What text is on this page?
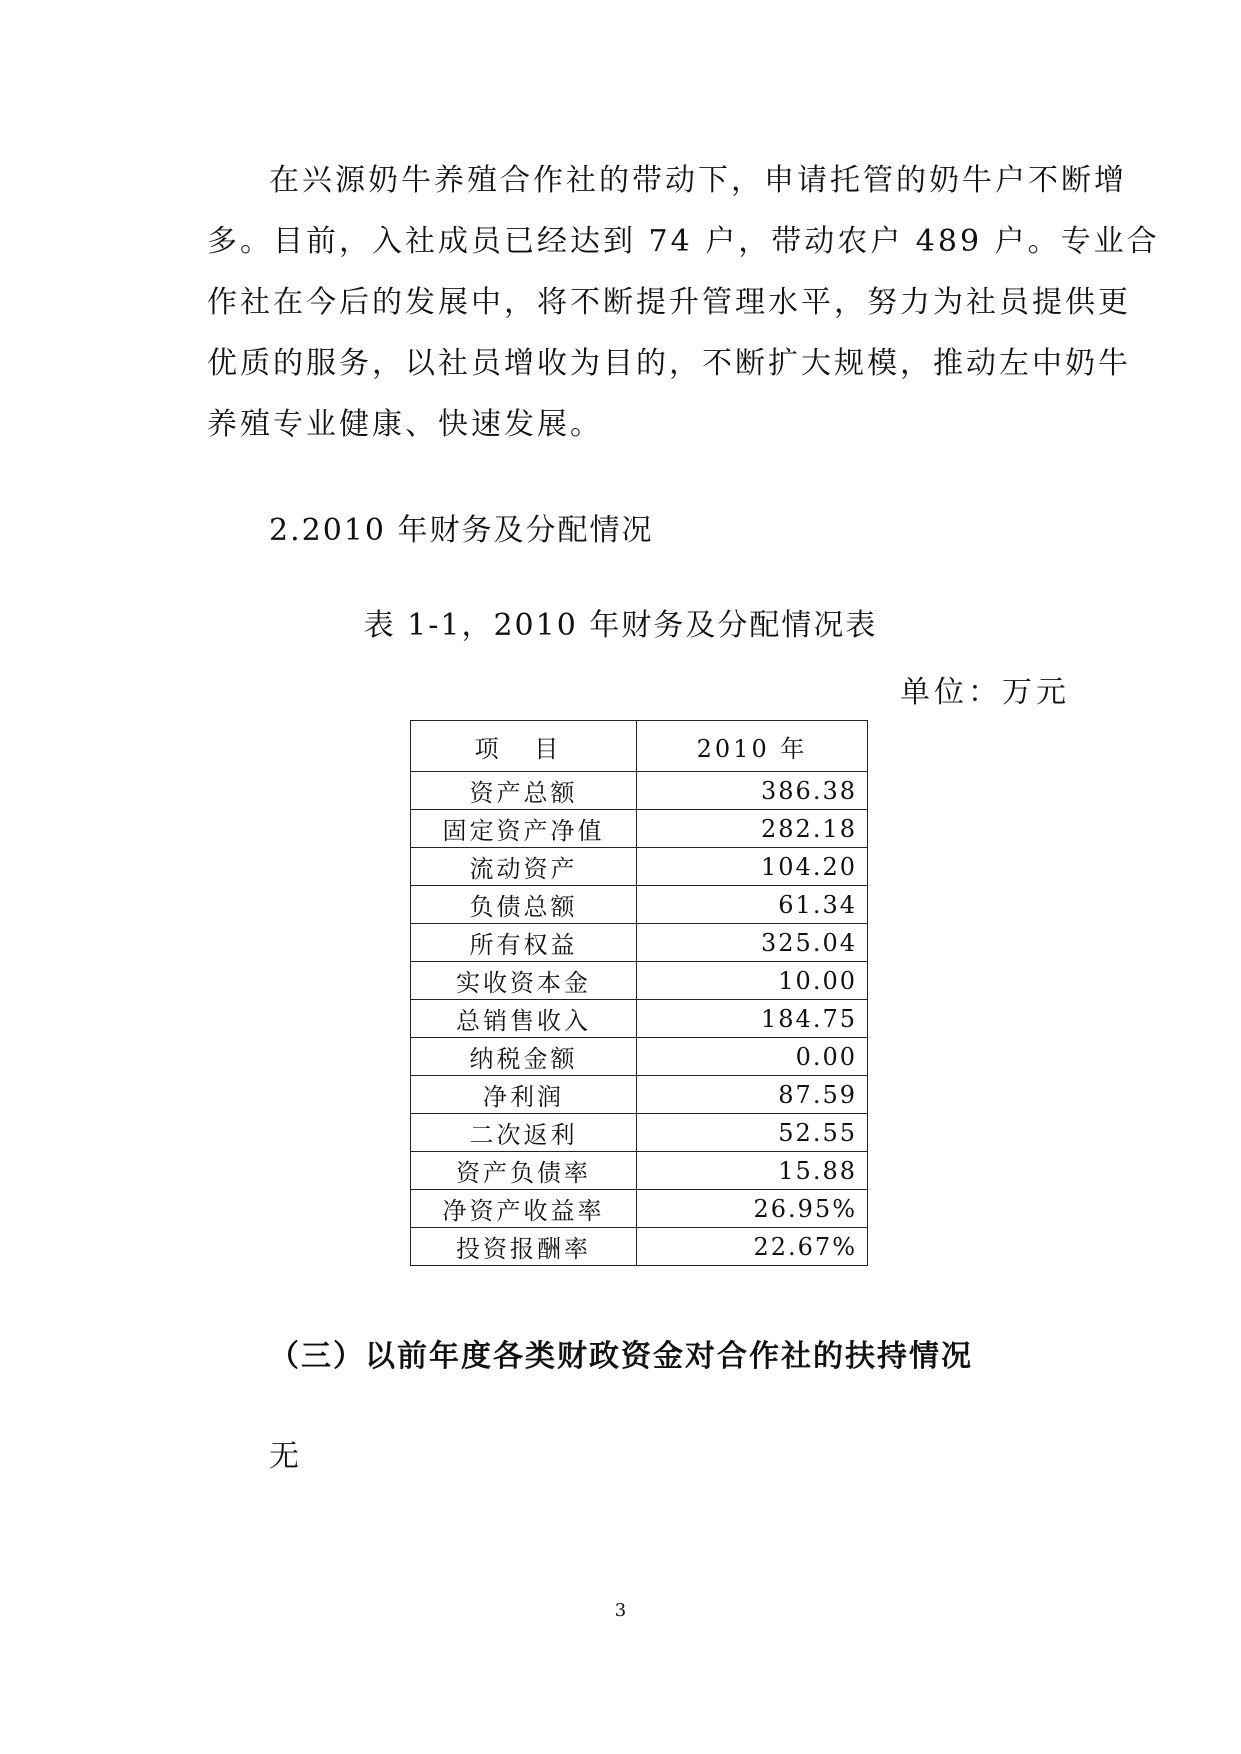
在兴源奶牛养殖合作社的带动下，申请托管的奶牛户不断增
多。目前，入社成员已经达到 74 户，带动农户 489 户。专业合
作社在今后的发展中，将不断提升管理水平，努力为社员提供更
优质的服务，以社员增收为目的，不断扩大规模，推动左中奶牛
养殖专业健康、快速发展。

2.2010 年财务及分配情况

表 1-1，2010 年财务及分配情况表

单位：万元

项 目	2010 年
资产总额	386.38
固定资产净值	282.18
流动资产	104.20
负债总额	61.34
所有权益	325.04
实收资本金	10.00
总销售收入	184.75
纳税金额	0.00
净利润	87.59
二次返利	52.55
资产负债率	15.88
净资产收益率	26.95%
投资报酬率	22.67%

（三）以前年度各类财政资金对合作社的扶持情况

无

3
